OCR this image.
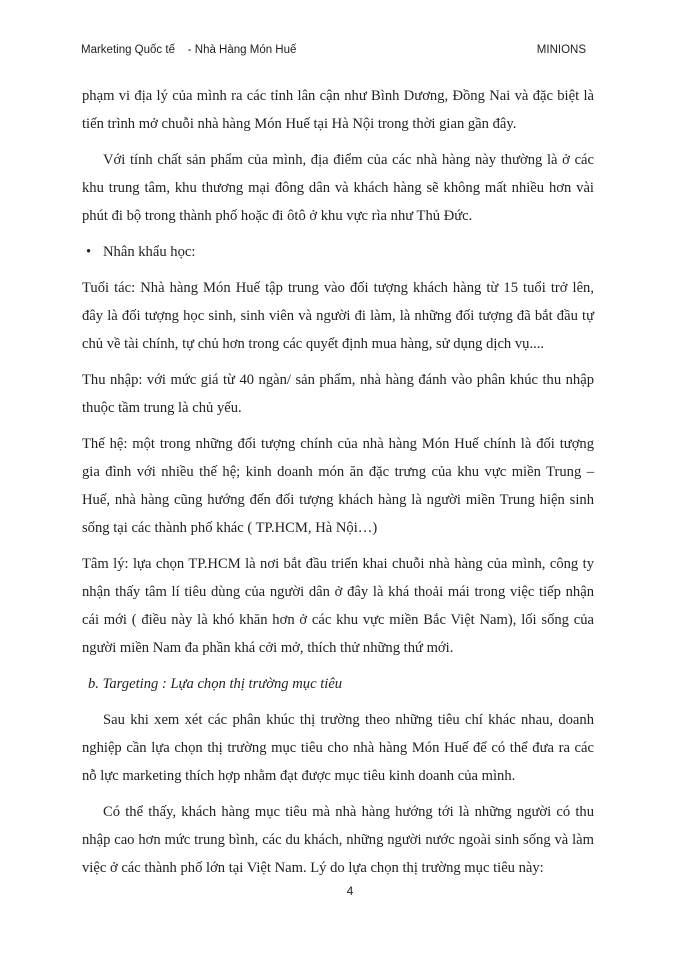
Marketing Quốc tế    - Nhà Hàng Món Huế	MINIONS

phạm vi địa lý của mình ra các tỉnh lân cận như Bình Dương, Đồng Nai và đặc biệt là tiến trình mở chuỗi nhà hàng Món Huế tại Hà Nội trong thời gian gần đây.

Với tính chất sản phẩm của mình, địa điểm của các nhà hàng này thường là ở các khu trung tâm, khu thương mại đông dân và khách hàng sẽ không mất nhiều hơn vài phút đi bộ trong thành phố hoặc đi ôtô ở khu vực rìa như Thủ Đức.

• Nhân khẩu học:

Tuổi tác: Nhà hàng Món Huế tập trung vào đối tượng khách hàng từ 15 tuổi trở lên, đây là đối tượng học sinh, sinh viên và người đi làm, là những đối tượng đã bắt đầu tự chủ về tài chính, tự chủ hơn trong các quyết định mua hàng, sử dụng dịch vụ....

Thu nhập: với mức giá từ 40 ngàn/ sản phẩm, nhà hàng đánh vào phân khúc thu nhập thuộc tầm trung là chủ yếu.

Thế hệ: một trong những đối tượng chính của nhà hàng Món Huế chính là đối tượng gia đình với nhiều thế hệ; kinh doanh món ăn đặc trưng của khu vực miền Trung – Huế, nhà hàng cũng hướng đến đối tượng khách hàng là người miền Trung hiện sinh sống tại các thành phố khác ( TP.HCM, Hà Nội…)

Tâm lý: lựa chọn TP.HCM là nơi bắt đầu triển khai chuỗi nhà hàng của mình, công ty nhận thấy tâm lí tiêu dùng của người dân ở đây là khá thoải mái trong việc tiếp nhận cái mới ( điều này là khó khăn hơn ở các khu vực miền Bắc Việt Nam), lối sống của người miền Nam đa phần khá cởi mở, thích thử những thứ mới.

b. Targeting : Lựa chọn thị trường mục tiêu

Sau khi xem xét các phân khúc thị trường theo những tiêu chí khác nhau, doanh nghiệp cần lựa chọn thị trường mục tiêu cho nhà hàng Món Huế để có thể đưa ra các nỗ lực marketing thích hợp nhằm đạt được mục tiêu kinh doanh của mình.

Có thể thấy, khách hàng mục tiêu mà nhà hàng hướng tới là những người có thu nhập cao hơn mức trung bình, các du khách, những người nước ngoài sinh sống và làm việc ở các thành phố lớn tại Việt Nam. Lý do lựa chọn thị trường mục tiêu này:

4
